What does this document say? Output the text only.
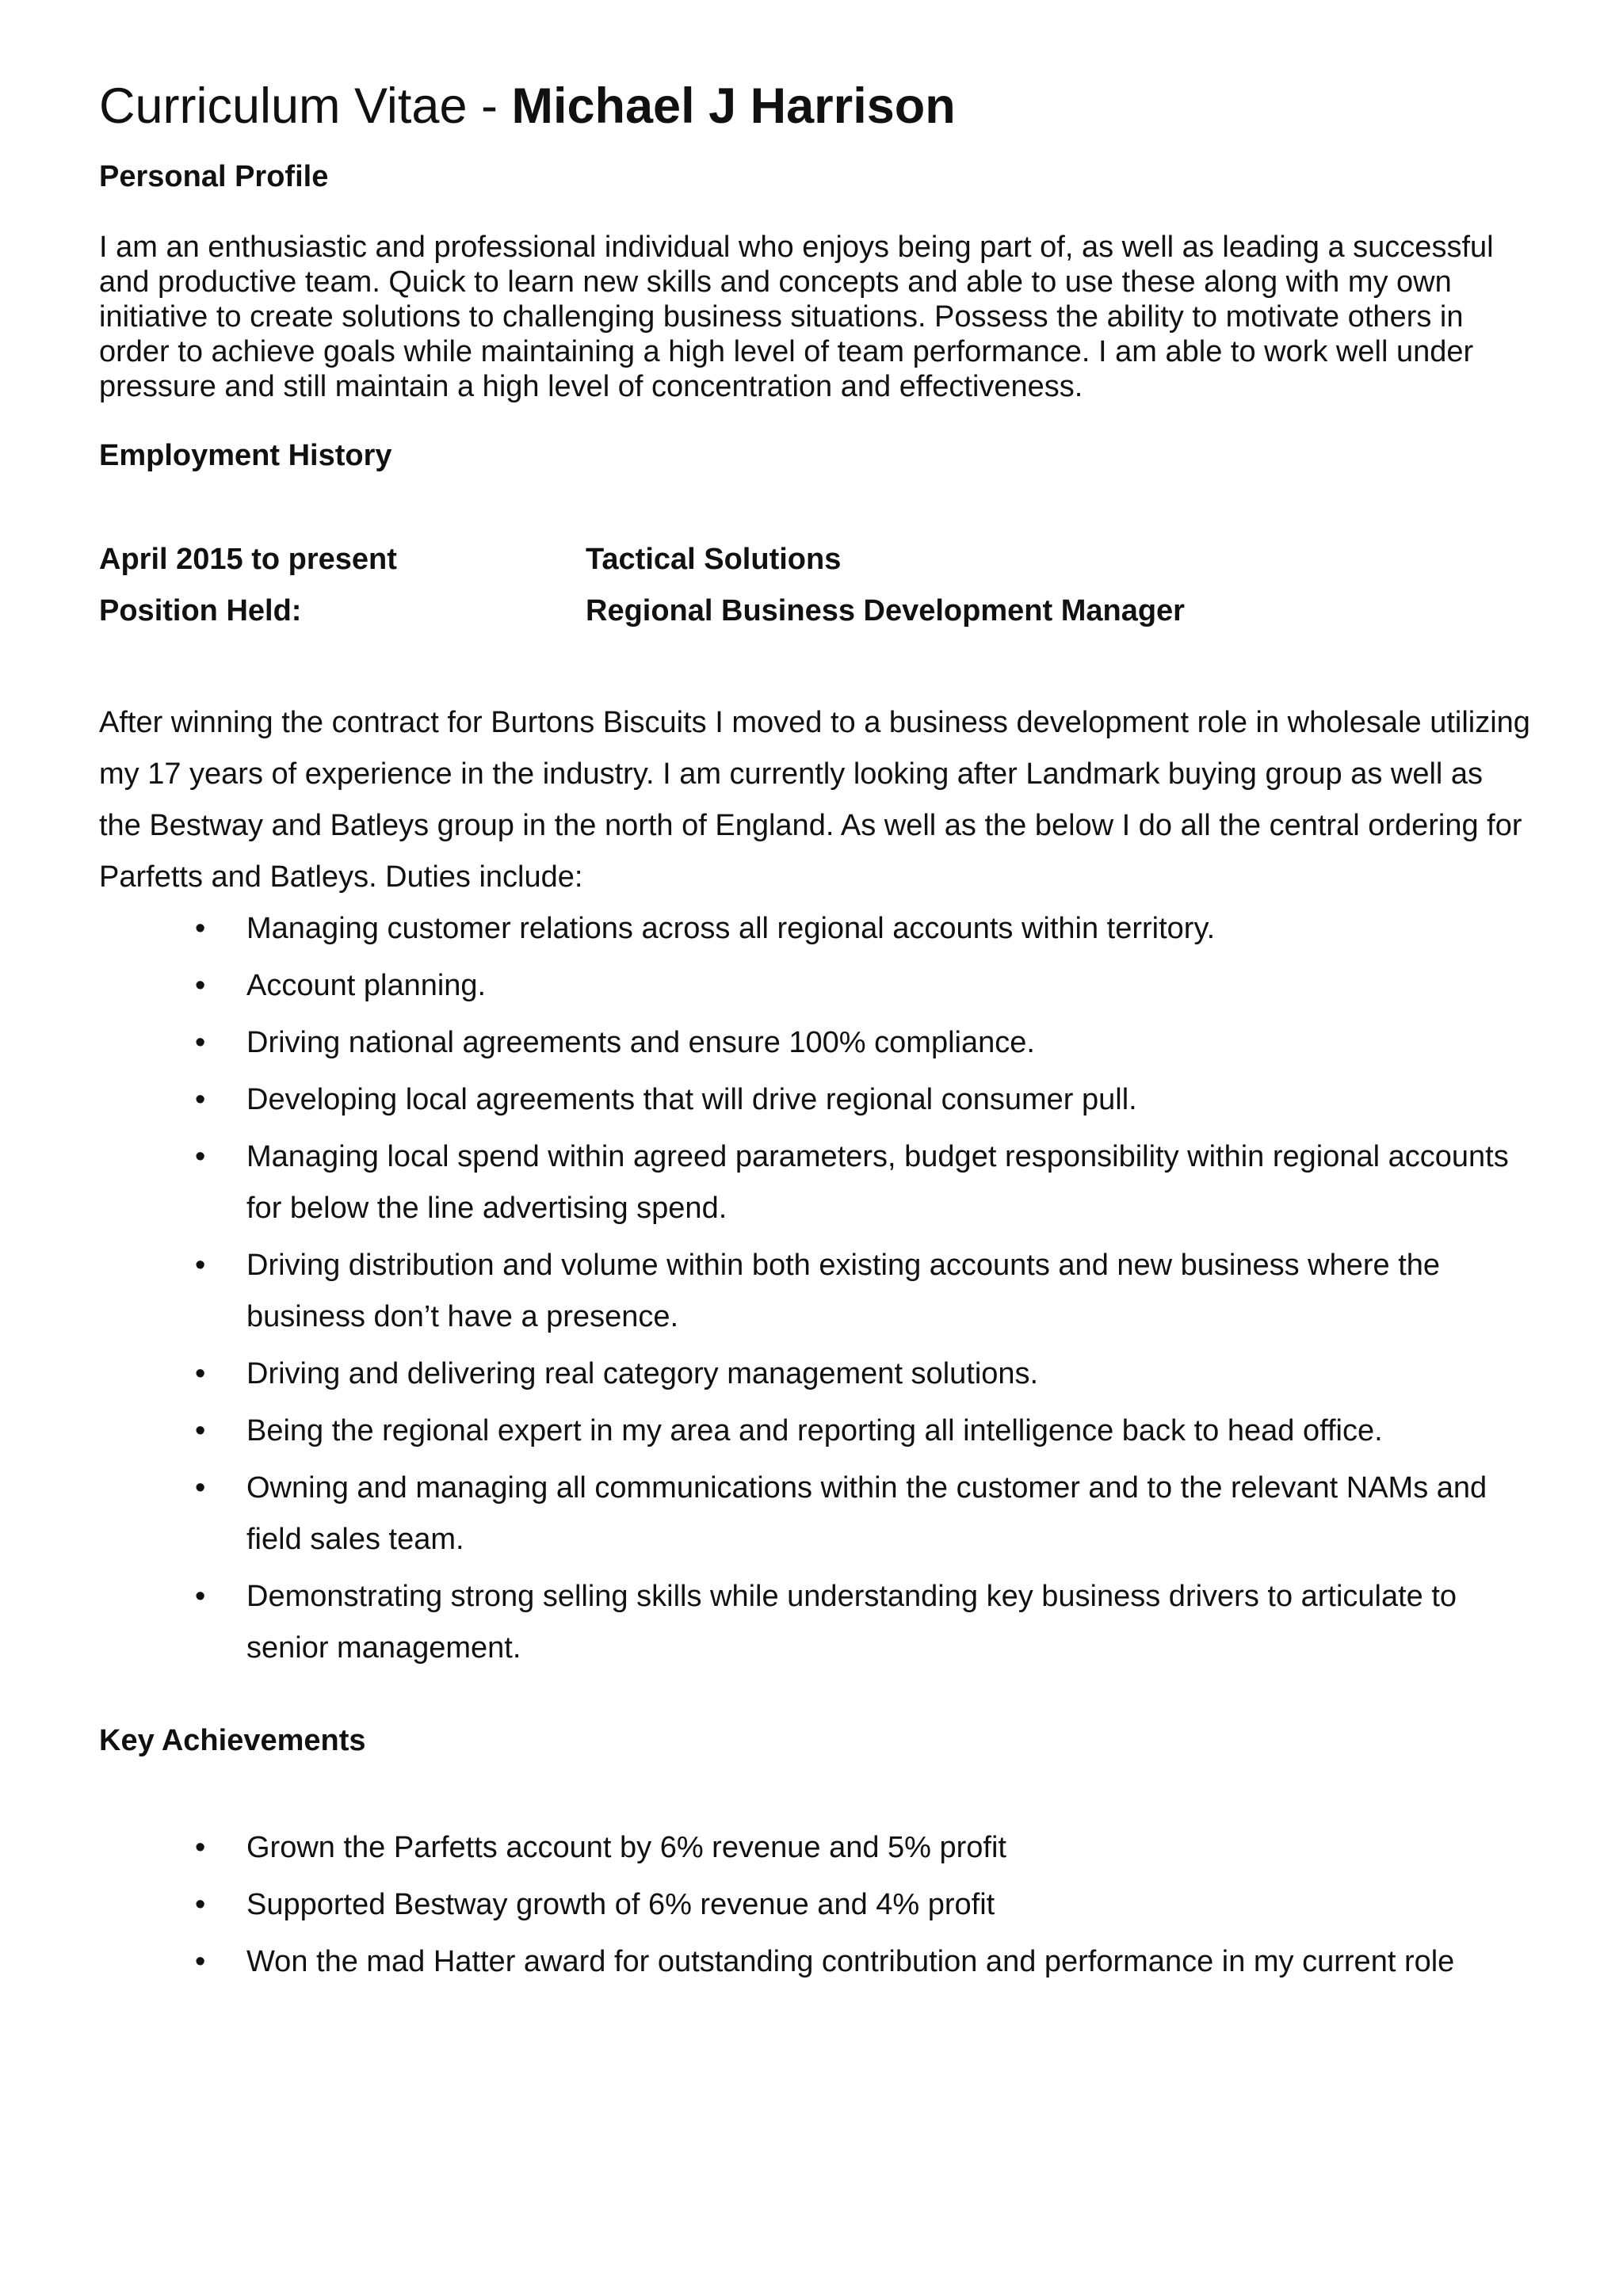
Curriculum Vitae - Michael J Harrison
Personal Profile

I am an enthusiastic and professional individual who enjoys being part of, as well as leading a successful
and productive team. Quick to learn new skills and concepts and able to use these along with my own
initiative to create solutions to challenging business situations. Possess the ability to motivate others in
order to achieve goals while maintaining a high level of team performance. I am able to work well under
pressure and still maintain a high level of concentration and effectiveness.

Employment History
April 2015 to present	Tactical Solutions
Position Held:	Regional Business Development Manager

After winning the contract for Burtons Biscuits I moved to a business development role in wholesale utilizing
my 17 years of experience in the industry. I am currently looking after Landmark buying group as well as
the Bestway and Batleys group in the north of England. As well as the below I do all the central ordering for
Parfetts and Batleys. Duties include:

• Managing customer relations across all regional accounts within territory.
• Account planning.
• Driving national agreements and ensure 100% compliance.
• Developing local agreements that will drive regional consumer pull.
• Managing local spend within agreed parameters, budget responsibility within regional accounts
for below the line advertising spend.
• Driving distribution and volume within both existing accounts and new business where the
business don’t have a presence.
• Driving and delivering real category management solutions.
• Being the regional expert in my area and reporting all intelligence back to head office.
• Owning and managing all communications within the customer and to the relevant NAMs and
field sales team.
• Demonstrating strong selling skills while understanding key business drivers to articulate to
senior management.
Key Achievements
• Grown the Parfetts account by 6% revenue and 5% profit
• Supported Bestway growth of 6% revenue and 4% profit
• Won the mad Hatter award for outstanding contribution and performance in my current role
